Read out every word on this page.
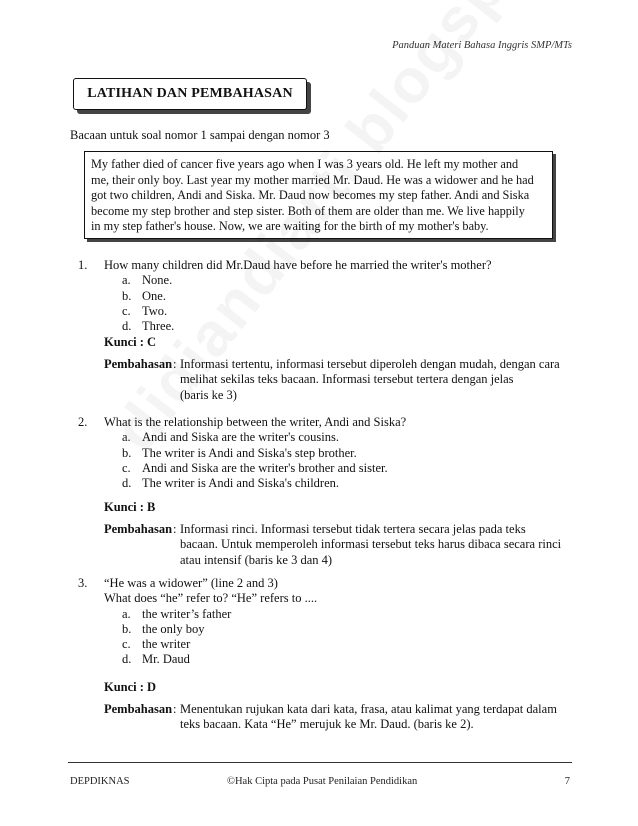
Panduan Materi Bahasa Inggris SMP/MTs
LATIHAN DAN PEMBAHASAN
Bacaan untuk soal nomor 1 sampai dengan nomor 3
My father died of cancer five years ago when I was 3 years old. He left my mother and
me, their only boy. Last year my mother married Mr. Daud. He was a widower and he had
got two children, Andi and Siska. Mr. Daud now becomes my step father. Andi and Siska
become my step brother and step sister. Both of them are older than me. We live happily
in my step father's house. Now, we are waiting for the birth of my mother's baby.
1.	How many children did Mr.Daud have before he married the writer's mother?
a. None.
b. One.
c. Two.
d. Three.
Kunci : C
Pembahasan : Informasi tertentu, informasi tersebut diperoleh dengan mudah, dengan cara
melihat sekilas teks bacaan. Informasi tersebut tertera dengan jelas
(baris ke 3)
2.	What is the relationship between the writer, Andi and Siska?
a. Andi and Siska are the writer's cousins.
b. The writer is Andi and Siska's step brother.
c. Andi and Siska are the writer's brother and sister.
d. The writer is Andi and Siska's children.
Kunci : B
Pembahasan : Informasi rinci. Informasi tersebut tidak tertera secara jelas pada teks
bacaan. Untuk memperoleh informasi tersebut teks harus dibaca secara rinci
atau intensif (baris ke 3 dan 4)
3.	“He was a widower” (line 2 and 3)
What does “he” refer to? “He” refers to ....
a. the writer’s father
b. the only boy
c. the writer
d. Mr. Daud
Kunci : D
Pembahasan : Menentukan rujukan kata dari kata, frasa, atau kalimat yang terdapat dalam
teks bacaan. Kata “He” merujuk ke Mr. Daud. (baris ke 2).
DEPDIKNAS	©Hak Cipta pada Pusat Penilaian Pendidikan	7
